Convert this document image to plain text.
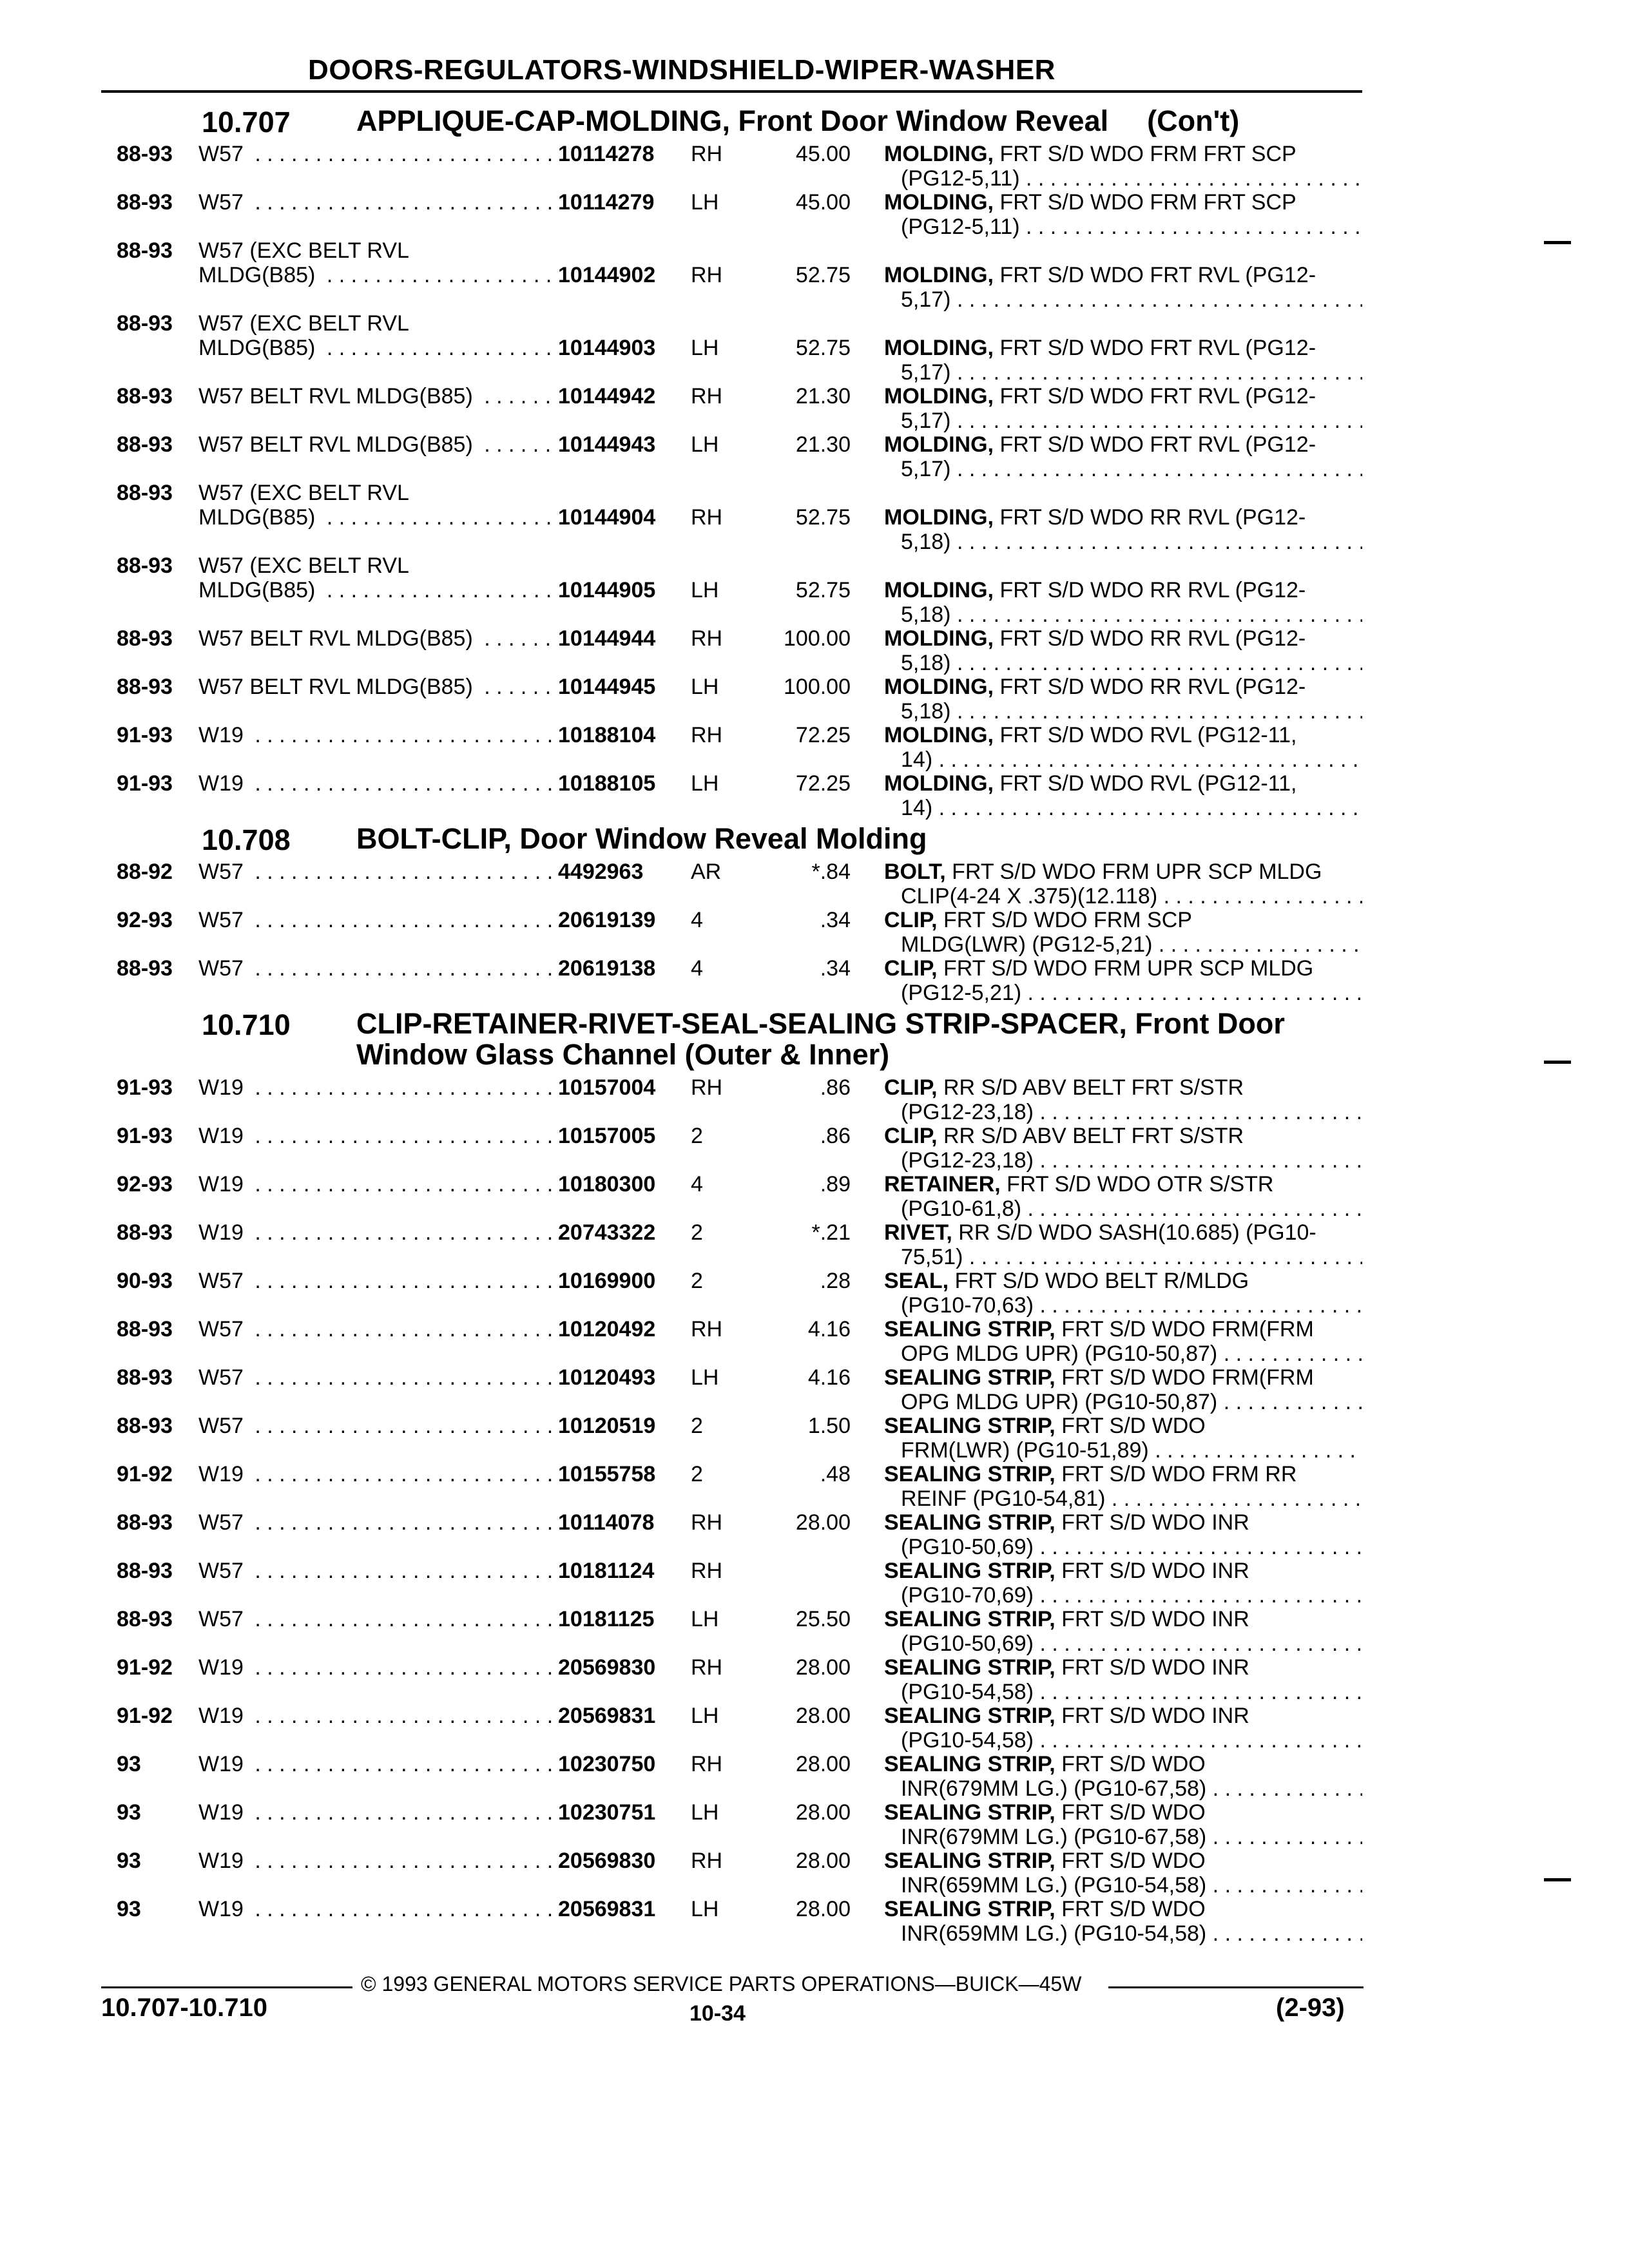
DOORS-REGULATORS-WINDSHIELD-WIPER-WASHER
10.707 APPLIQUE-CAP-MOLDING, Front Door Window Reveal (Con't)
88-93 W57 . . .	10114278 RH	45.00 MOLDING, FRT S/D WDO FRM FRT SCP
(PG12-5,11) . . .
88-93 W57 . . .	10114279 LH	45.00 MOLDING, FRT S/D WDO FRM FRT SCP
(PG12-5,11) . . .
88-93 W57 (EXC BELT RVL
MLDG(B85) . . .	10144902 RH	52.75 MOLDING, FRT S/D WDO FRT RVL (PG12-
5,17) . . .
88-93 W57 (EXC BELT RVL
MLDG(B85) . . .	10144903 LH	52.75 MOLDING, FRT S/D WDO FRT RVL (PG12-
5,17) . . .
88-93 W57 BELT RVL MLDG(B85) . . .	10144942 RH	21.30 MOLDING, FRT S/D WDO FRT RVL (PG12-
5,17) . . .
88-93 W57 BELT RVL MLDG(B85) . . .	10144943 LH	21.30 MOLDING, FRT S/D WDO FRT RVL (PG12-
5,17) . . .
88-93 W57 (EXC BELT RVL
MLDG(B85) . . .	10144904 RH	52.75 MOLDING, FRT S/D WDO RR RVL (PG12-
5,18) . . .
88-93 W57 (EXC BELT RVL
MLDG(B85) . . .	10144905 LH	52.75 MOLDING, FRT S/D WDO RR RVL (PG12-
5,18) . . .
88-93 W57 BELT RVL MLDG(B85) . . .	10144944 RH	100.00 MOLDING, FRT S/D WDO RR RVL (PG12-
5,18) . . .
88-93 W57 BELT RVL MLDG(B85) . . .	10144945 LH	100.00 MOLDING, FRT S/D WDO RR RVL (PG12-
5,18) . . .
91-93 W19 . . .	10188104 RH	72.25 MOLDING, FRT S/D WDO RVL (PG12-11,
14) . . .
91-93 W19 . . .	10188105 LH	72.25 MOLDING, FRT S/D WDO RVL (PG12-11,
14) . . .
10.708 BOLT-CLIP, Door Window Reveal Molding
88-92 W57 . . .	4492963 AR	*.84 BOLT, FRT S/D WDO FRM UPR SCP MLDG
CLIP(4-24 X .375)(12.118) . . .
92-93 W57 . . .	20619139 4	.34 CLIP, FRT S/D WDO FRM SCP
MLDG(LWR) (PG12-5,21) . . .
88-93 W57 . . .	20619138 4	.34 CLIP, FRT S/D WDO FRM UPR SCP MLDG
(PG12-5,21) . . .
10.710 CLIP-RETAINER-RIVET-SEAL-SEALING STRIP-SPACER, Front Door Window Glass Channel (Outer & Inner)
91-93 W19 . . .	10157004 RH	.86 CLIP, RR S/D ABV BELT FRT S/STR
(PG12-23,18) . . .
91-93 W19 . . .	10157005 2	.86 CLIP, RR S/D ABV BELT FRT S/STR
(PG12-23,18) . . .
92-93 W19 . . .	10180300 4	.89 RETAINER, FRT S/D WDO OTR S/STR
(PG10-61,8) . . .
88-93 W19 . . .	20743322 2	*.21 RIVET, RR S/D WDO SASH(10.685) (PG10-
75,51) . . .
90-93 W57 . . .	10169900 2	.28 SEAL, FRT S/D WDO BELT R/MLDG
(PG10-70,63) . . .
88-93 W57 . . .	10120492 RH	4.16 SEALING STRIP, FRT S/D WDO FRM(FRM
OPG MLDG UPR) (PG10-50,87) . . .
88-93 W57 . . .	10120493 LH	4.16 SEALING STRIP, FRT S/D WDO FRM(FRM
OPG MLDG UPR) (PG10-50,87) . . .
88-93 W57 . . .	10120519 2	1.50 SEALING STRIP, FRT S/D WDO
FRM(LWR) (PG10-51,89) . . .
91-92 W19 . . .	10155758 2	.48 SEALING STRIP, FRT S/D WDO FRM RR
REINF (PG10-54,81) . . .
88-93 W57 . . .	10114078 RH	28.00 SEALING STRIP, FRT S/D WDO INR
(PG10-50,69) . . .
88-93 W57 . . .	10181124 RH	SEALING STRIP, FRT S/D WDO INR
(PG10-70,69) . . .
88-93 W57 . . .	10181125 LH	25.50 SEALING STRIP, FRT S/D WDO INR
(PG10-50,69) . . .
91-92 W19 . . .	20569830 RH	28.00 SEALING STRIP, FRT S/D WDO INR
(PG10-54,58) . . .
91-92 W19 . . .	20569831 LH	28.00 SEALING STRIP, FRT S/D WDO INR
(PG10-54,58) . . .
93	W19 . . .	10230750 RH	28.00 SEALING STRIP, FRT S/D WDO
INR(679MM LG.) (PG10-67,58) . . .
93	W19 . . .	10230751 LH	28.00 SEALING STRIP, FRT S/D WDO
INR(679MM LG.) (PG10-67,58) . . .
93	W19 . . .	20569830 RH	28.00 SEALING STRIP, FRT S/D WDO
INR(659MM LG.) (PG10-54,58) . . .
93	W19 . . .	20569831 LH	28.00 SEALING STRIP, FRT S/D WDO
INR(659MM LG.) (PG10-54,58) . . .
© 1993 GENERAL MOTORS SERVICE PARTS OPERATIONS—BUICK—45W
10.707-10.710	10-34	(2-93)
